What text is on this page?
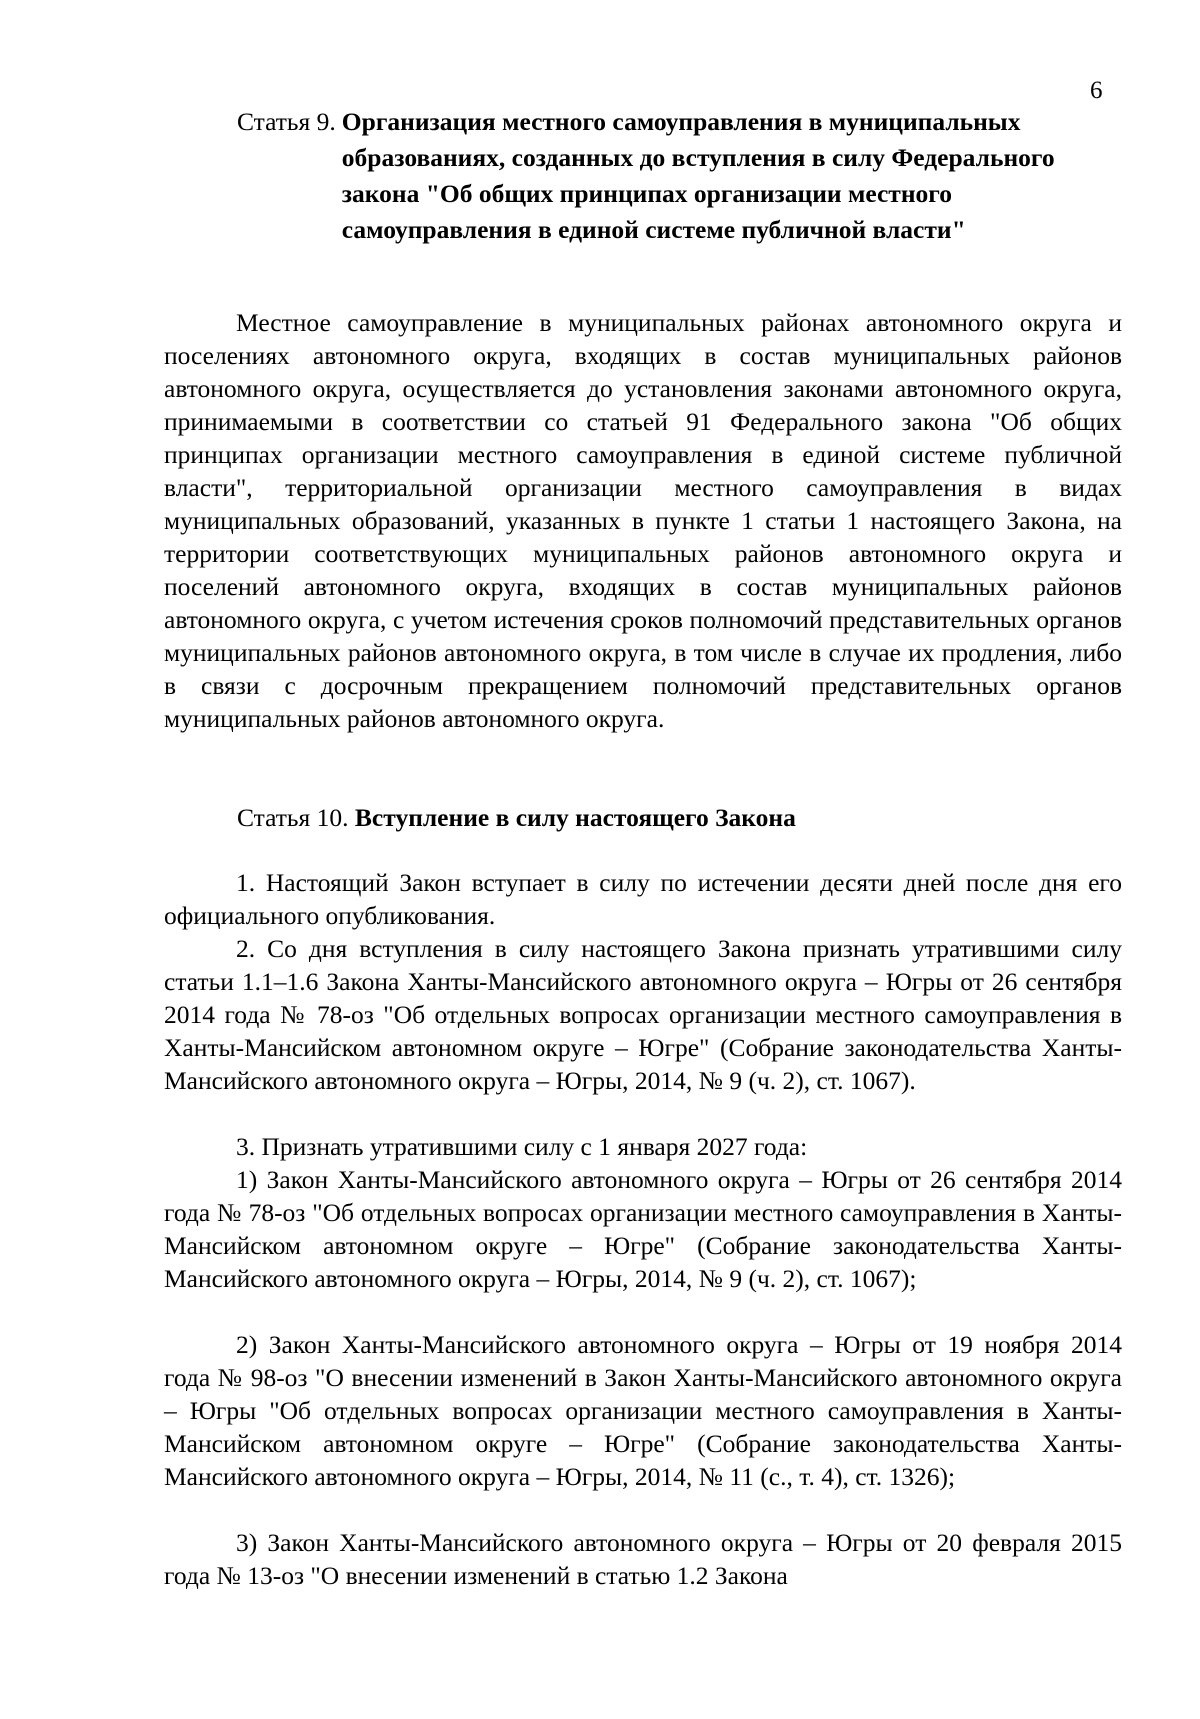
6
Статья 9. Организация местного самоуправления в муниципальных образованиях, созданных до вступления в силу Федерального закона "Об общих принципах организации местного самоуправления в единой системе публичной власти"

Местное самоуправление в муниципальных районах автономного округа и поселениях автономного округа, входящих в состав муниципальных районов автономного округа, осуществляется до установления законами автономного округа, принимаемыми в соответствии со статьей 91 Федерального закона "Об общих принципах организации местного самоуправления в единой системе публичной власти", территориальной организации местного самоуправления в видах муниципальных образований, указанных в пункте 1 статьи 1 настоящего Закона, на территории соответствующих муниципальных районов автономного округа и поселений автономного округа, входящих в состав муниципальных районов автономного округа, с учетом истечения сроков полномочий представительных органов муниципальных районов автономного округа, в том числе в случае их продления, либо в связи с досрочным прекращением полномочий представительных органов муниципальных районов автономного округа.

Статья 10. Вступление в силу настоящего Закона

1. Настоящий Закон вступает в силу по истечении десяти дней после дня его официального опубликования.

2. Со дня вступления в силу настоящего Закона признать утратившими силу статьи 1.1–1.6 Закона Ханты-Мансийского автономного округа – Югры от 26 сентября 2014 года № 78-оз "Об отдельных вопросах организации местного самоуправления в Ханты-Мансийском автономном округе – Югре" (Собрание законодательства Ханты-Мансийского автономного округа – Югры, 2014, № 9 (ч. 2), ст. 1067).

3. Признать утратившими силу с 1 января 2027 года:

1) Закон Ханты-Мансийского автономного округа – Югры от 26 сентября 2014 года № 78-оз "Об отдельных вопросах организации местного самоуправления в Ханты-Мансийском автономном округе – Югре" (Собрание законодательства Ханты-Мансийского автономного округа – Югры, 2014, № 9 (ч. 2), ст. 1067);

2) Закон Ханты-Мансийского автономного округа – Югры от 19 ноября 2014 года № 98-оз "О внесении изменений в Закон Ханты-Мансийского автономного округа – Югры "Об отдельных вопросах организации местного самоуправления в Ханты-Мансийском автономном округе – Югре" (Собрание законодательства Ханты-Мансийского автономного округа – Югры, 2014, № 11 (с., т. 4), ст. 1326);

3) Закон Ханты-Мансийского автономного округа – Югры от 20 февраля 2015 года № 13-оз "О внесении изменений в статью 1.2 Закона
